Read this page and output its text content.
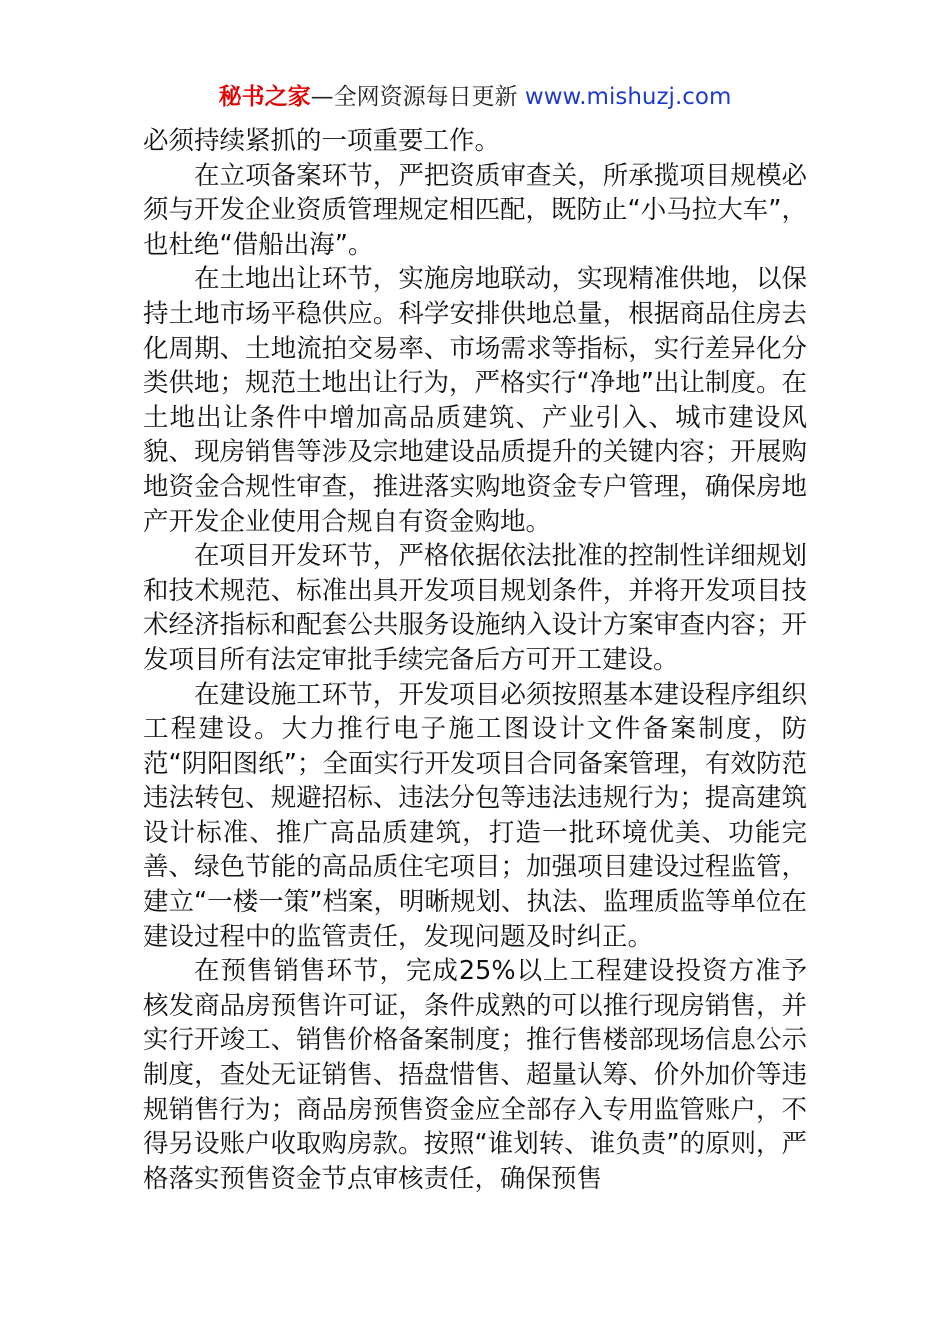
秘书之家—全网资源每日更新 www.mishuzj.com

必须持续紧抓的一项重要工作。

在立项备案环节，严把资质审查关，所承揽项目规模必须与开发企业资质管理规定相匹配，既防止“小马拉大车”，也杜绝“借船出海”。

在土地出让环节，实施房地联动，实现精准供地，以保持土地市场平稳供应。科学安排供地总量，根据商品住房去化周期、土地流拍交易率、市场需求等指标，实行差异化分类供地；规范土地出让行为，严格实行“净地”出让制度。在土地出让条件中增加高品质建筑、产业引入、城市建设风貌、现房销售等涉及宗地建设品质提升的关键内容；开展购地资金合规性审查，推进落实购地资金专户管理，确保房地产开发企业使用合规自有资金购地。

在项目开发环节，严格依据依法批准的控制性详细规划和技术规范、标准出具开发项目规划条件，并将开发项目技术经济指标和配套公共服务设施纳入设计方案审查内容；开发项目所有法定审批手续完备后方可开工建设。

在建设施工环节，开发项目必须按照基本建设程序组织工程建设。大力推行电子施工图设计文件备案制度，防范“阴阳图纸”；全面实行开发项目合同备案管理，有效防范违法转包、规避招标、违法分包等违法违规行为；提高建筑设计标准、推广高品质建筑，打造一批环境优美、功能完善、绿色节能的高品质住宅项目；加强项目建设过程监管，建立“一楼一策”档案，明晰规划、执法、监理质监等单位在建设过程中的监管责任，发现问题及时纠正。

在预售销售环节，完成25%以上工程建设投资方准予核发商品房预售许可证，条件成熟的可以推行现房销售，并实行开竣工、销售价格备案制度；推行售楼部现场信息公示制度，查处无证销售、捂盘惜售、超量认筹、价外加价等违规销售行为；商品房预售资金应全部存入专用监管账户，不得另设账户收取购房款。按照“谁划转、谁负责”的原则，严格落实预售资金节点审核责任，确保预售
